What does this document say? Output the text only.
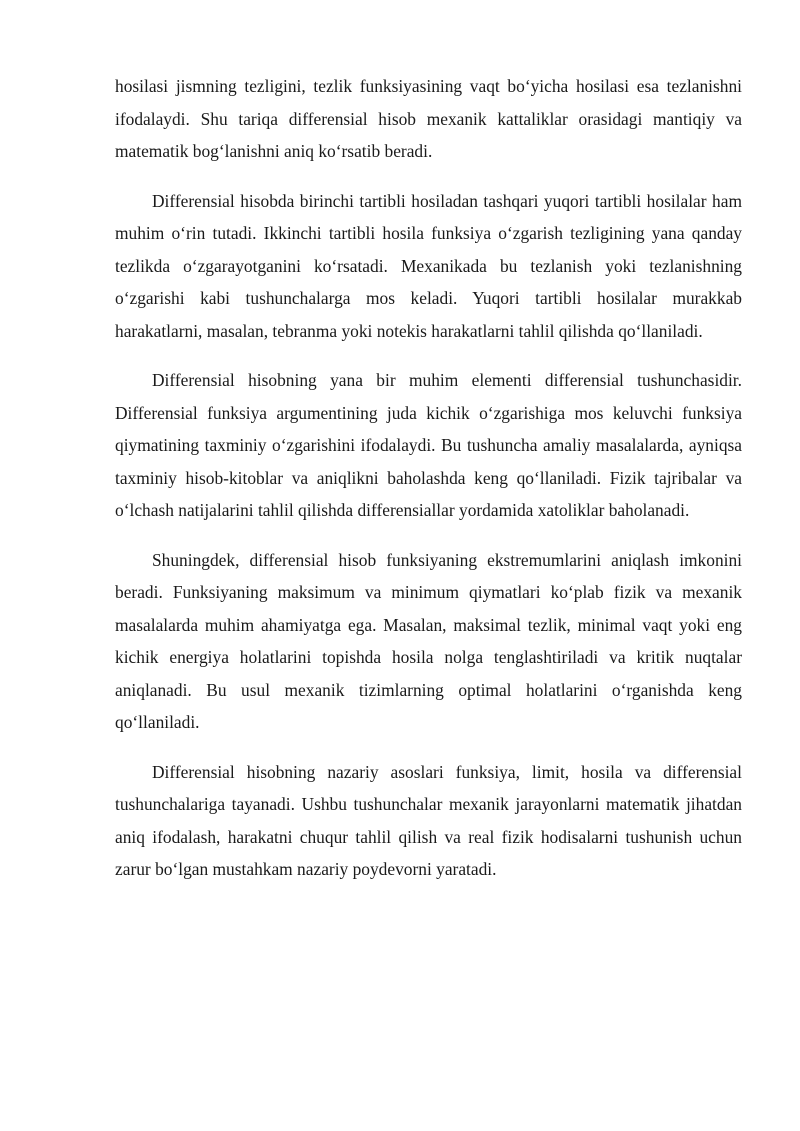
hosilasi jismning tezligini, tezlik funksiyasining vaqt boʻyicha hosilasi esa tezlanishni ifodalaydi. Shu tariqa differensial hisob mexanik kattaliklar orasidagi mantiqiy va matematik bogʻlanishni aniq koʻrsatib beradi.

Differensial hisobda birinchi tartibli hosiladan tashqari yuqori tartibli hosilalar ham muhim oʻrin tutadi. Ikkinchi tartibli hosila funksiya oʻzgarish tezligining yana qanday tezlikda oʻzgarayotganini koʻrsatadi. Mexanikada bu tezlanish yoki tezlanishning oʻzgarishi kabi tushunchalarga mos keladi. Yuqori tartibli hosilalar murakkab harakatlarni, masalan, tebranma yoki notekis harakatlarni tahlil qilishda qoʻllaniladi.

Differensial hisobning yana bir muhim elementi differensial tushunchasidir. Differensial funksiya argumentining juda kichik oʻzgarishiga mos keluvchi funksiya qiymatining taxminiy oʻzgarishini ifodalaydi. Bu tushuncha amaliy masalalarda, ayniqsa taxminiy hisob-kitoblar va aniqlikni baholashda keng qoʻllaniladi. Fizik tajribalar va oʻlchash natijalarini tahlil qilishda differensiallar yordamida xatoliklar baholanadi.

Shuningdek, differensial hisob funksiyaning ekstremumlarini aniqlash imkonini beradi. Funksiyaning maksimum va minimum qiymatlari koʻplab fizik va mexanik masalalarda muhim ahamiyatga ega. Masalan, maksimal tezlik, minimal vaqt yoki eng kichik energiya holatlarini topishda hosila nolga tenglashtiriladi va kritik nuqtalar aniqlanadi. Bu usul mexanik tizimlarning optimal holatlarini oʻrganishda keng qoʻllaniladi.

Differensial hisobning nazariy asoslari funksiya, limit, hosila va differensial tushunchalariga tayanadi. Ushbu tushunchalar mexanik jarayonlarni matematik jihatdan aniq ifodalash, harakatni chuqur tahlil qilish va real fizik hodisalarni tushunish uchun zarur boʻlgan mustahkam nazariy poydevorni yaratadi.
